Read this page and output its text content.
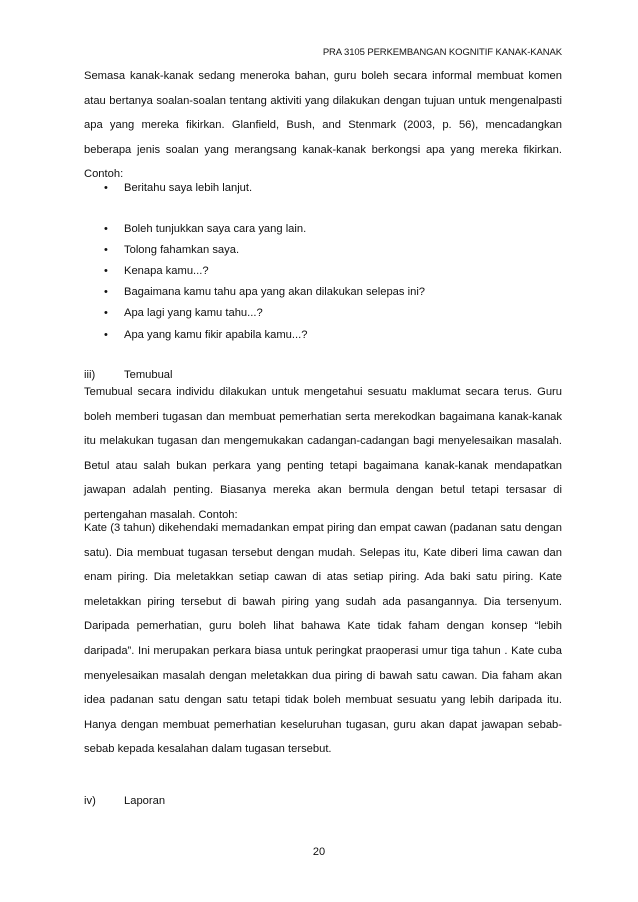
PRA 3105 PERKEMBANGAN KOGNITIF KANAK-KANAK

Semasa kanak-kanak sedang meneroka bahan, guru boleh secara informal membuat komen atau bertanya soalan-soalan tentang aktiviti yang dilakukan dengan tujuan untuk mengenalpasti apa yang mereka fikirkan. Glanfield, Bush, and Stenmark (2003, p. 56), mencadangkan beberapa jenis soalan yang merangsang kanak-kanak berkongsi apa yang mereka fikirkan. Contoh:

• Beritahu saya lebih lanjut.
• Boleh tunjukkan saya cara yang lain.
• Tolong fahamkan saya.
• Kenapa kamu...?
• Bagaimana kamu tahu apa yang akan dilakukan selepas ini?
• Apa lagi yang kamu tahu...?
• Apa yang kamu fikir apabila kamu...?
iii)	Temubual

Temubual secara individu dilakukan untuk mengetahui sesuatu maklumat secara terus. Guru boleh memberi tugasan dan membuat pemerhatian serta merekodkan bagaimana kanak-kanak itu melakukan tugasan dan mengemukakan cadangan-cadangan bagi menyelesaikan masalah. Betul atau salah bukan perkara yang penting tetapi bagaimana kanak-kanak mendapatkan jawapan adalah penting. Biasanya mereka akan bermula dengan betul tetapi tersasar di pertengahan masalah. Contoh:

Kate (3 tahun) dikehendaki memadankan empat piring dan empat cawan (padanan satu dengan satu). Dia membuat tugasan tersebut dengan mudah. Selepas itu, Kate diberi lima cawan dan enam piring. Dia meletakkan setiap cawan di atas setiap piring. Ada baki satu piring. Kate meletakkan piring tersebut di bawah piring yang sudah ada pasangannya. Dia tersenyum. Daripada pemerhatian, guru boleh lihat bahawa Kate tidak faham dengan konsep “lebih daripada”. Ini merupakan perkara biasa untuk peringkat praoperasi umur tiga tahun . Kate cuba menyelesaikan masalah dengan meletakkan dua piring di bawah satu cawan. Dia faham akan idea padanan satu dengan satu tetapi tidak boleh membuat sesuatu yang lebih daripada itu. Hanya dengan membuat pemerhatian keseluruhan tugasan, guru akan dapat jawapan sebab-sebab kepada kesalahan dalam tugasan tersebut.

iv)	Laporan
20
